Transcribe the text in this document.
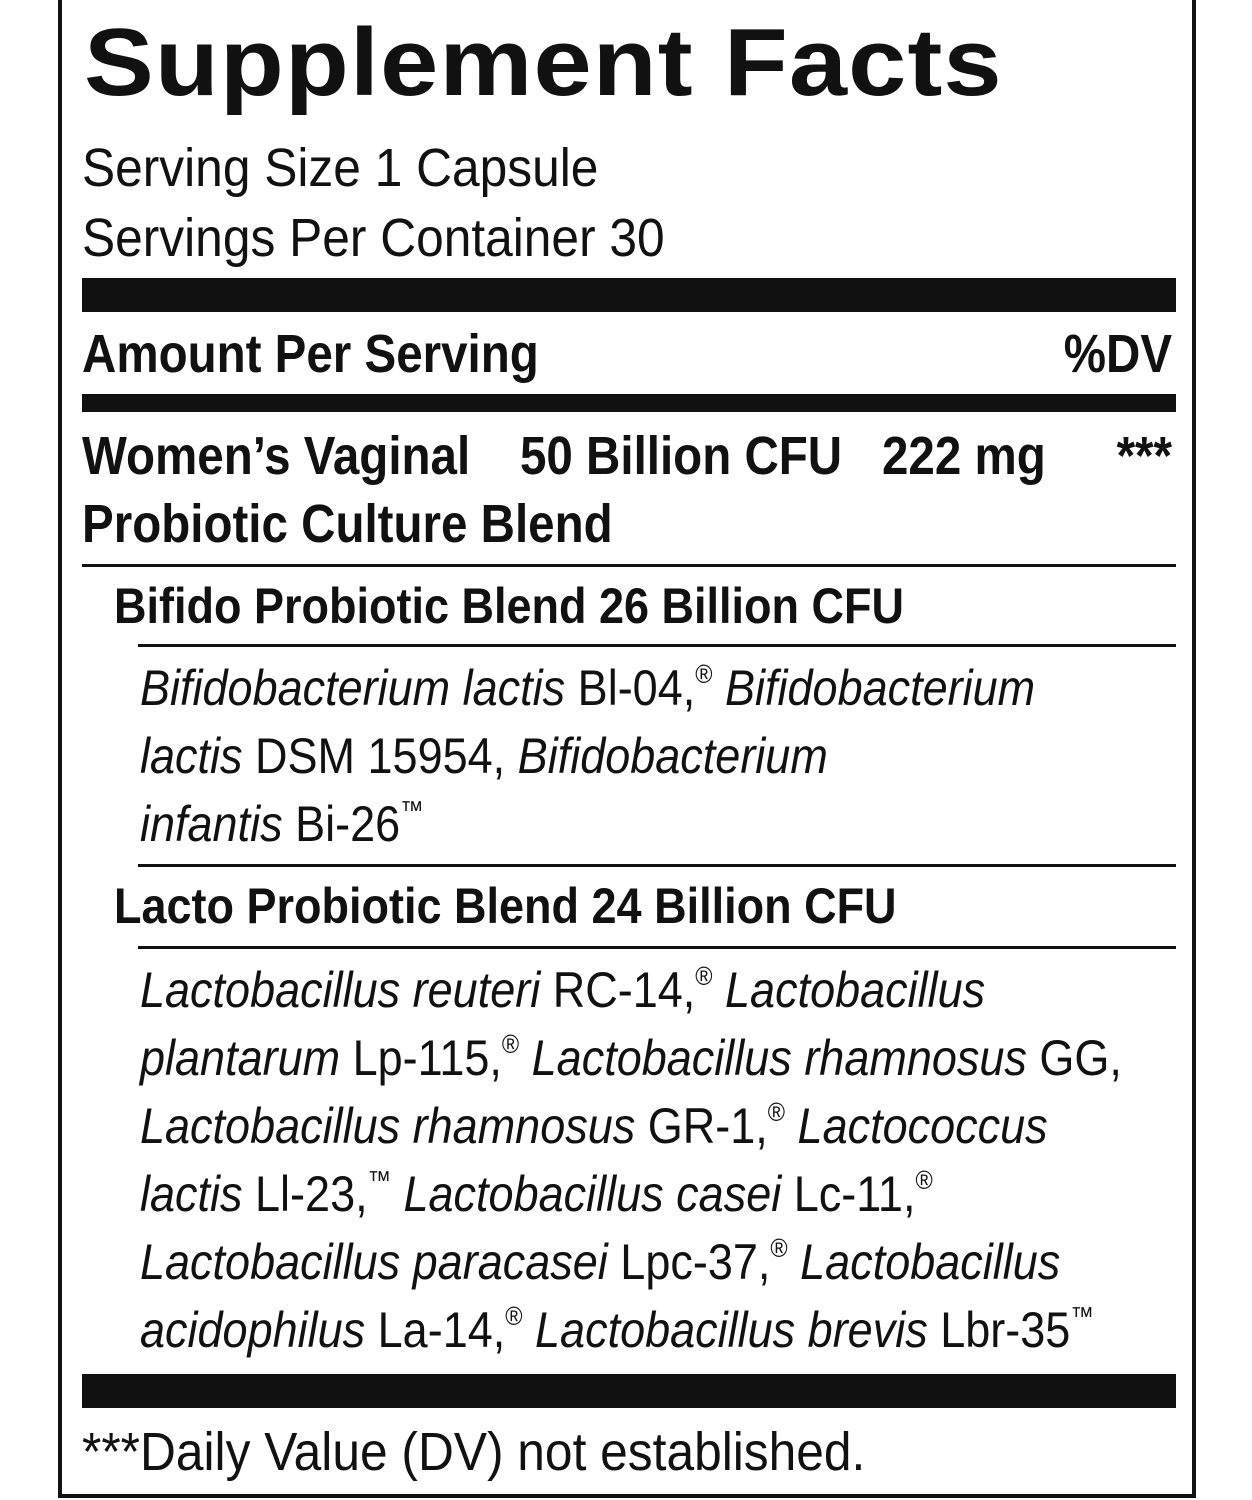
Supplement Facts
Serving Size 1 Capsule
Servings Per Container 30
Amount Per Serving	%DV
Women’s Vaginal 50 Billion CFU 222 mg ***
Probiotic Culture Blend
Bifido Probiotic Blend 26 Billion CFU
Bifidobacterium lactis Bl-04,® Bifidobacterium
lactis DSM 15954, Bifidobacterium
infantis Bi-26™
Lacto Probiotic Blend 24 Billion CFU
Lactobacillus reuteri RC-14,® Lactobacillus
plantarum Lp-115,® Lactobacillus rhamnosus GG,
Lactobacillus rhamnosus GR-1,® Lactococcus
lactis Ll-23,™ Lactobacillus casei Lc-11,®
Lactobacillus paracasei Lpc-37,® Lactobacillus
acidophilus La-14,® Lactobacillus brevis Lbr-35™
***Daily Value (DV) not established.
